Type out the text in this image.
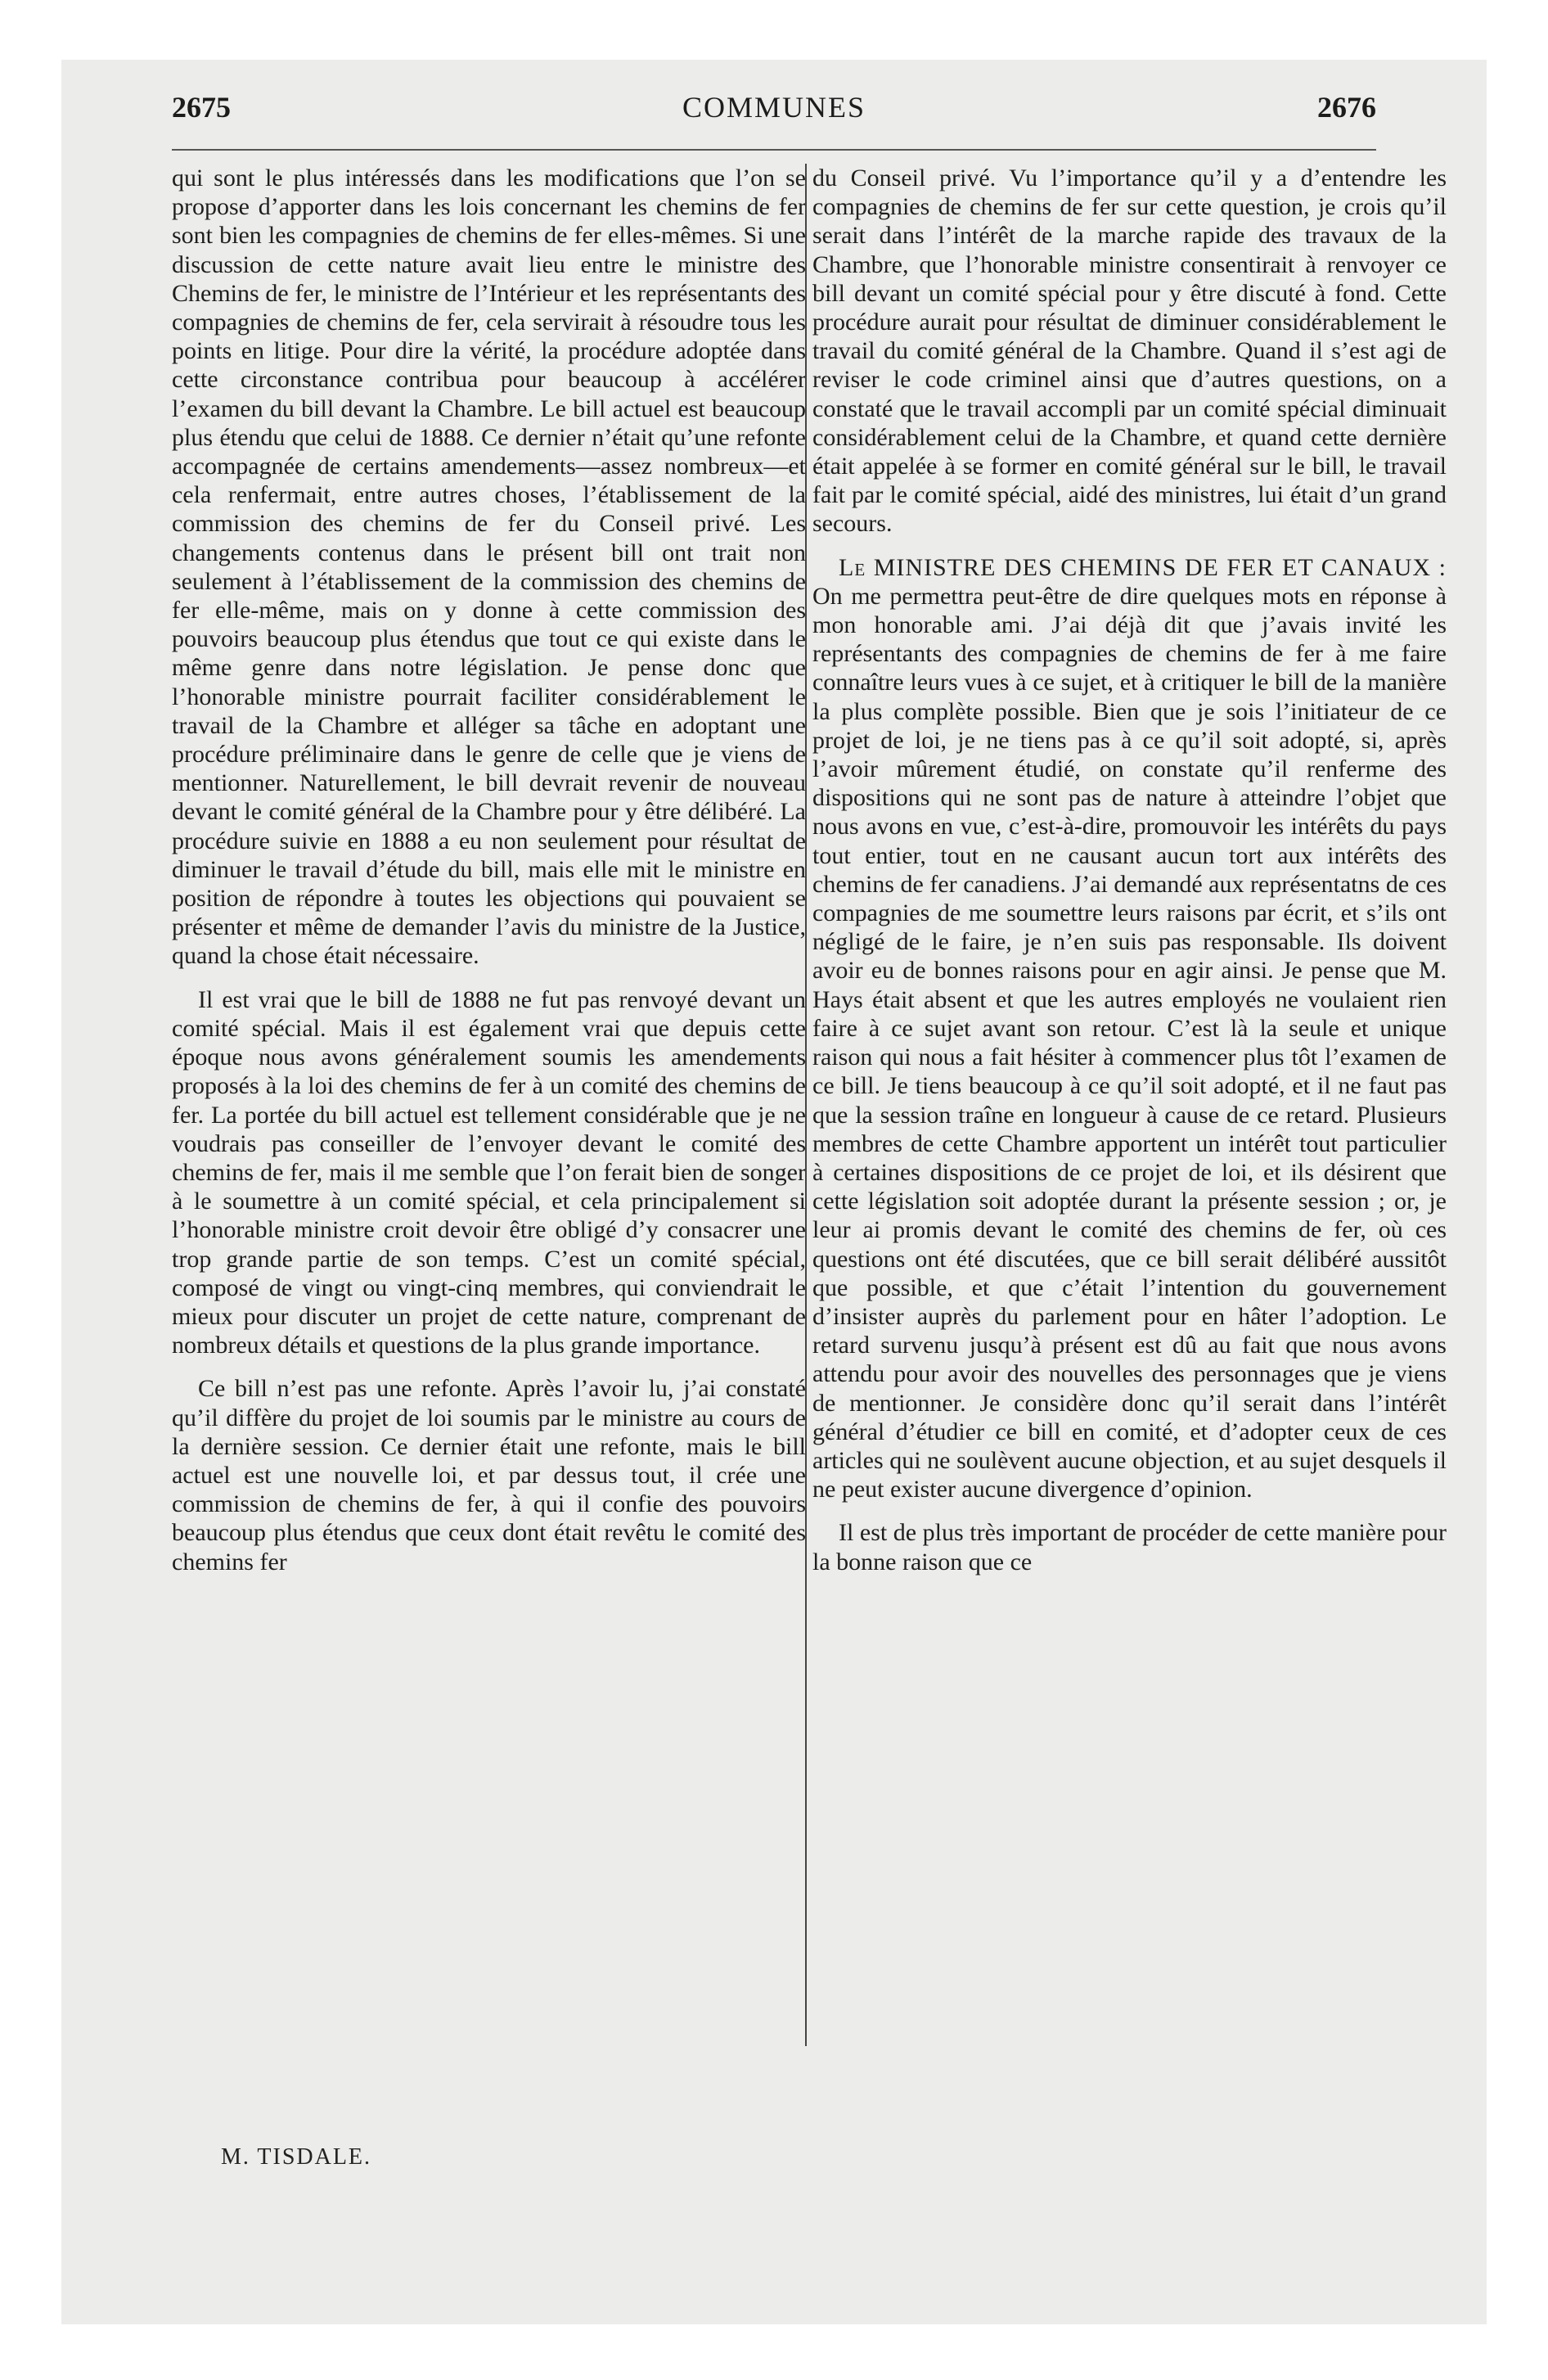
2675	COMMUNES	2676

qui sont le plus intéressés dans les modifications que l’on se propose d’apporter dans les lois concernant les chemins de fer sont bien les compagnies de chemins de fer elles-mêmes. Si une discussion de cette nature avait lieu entre le ministre des Chemins de fer, le ministre de l’Intérieur et les représentants des compagnies de chemins de fer, cela servirait à résoudre tous les points en litige. Pour dire la vérité, la procédure adoptée dans cette circonstance contribua pour beaucoup à accélérer l’examen du bill devant la Chambre. Le bill actuel est beaucoup plus étendu que celui de 1888. Ce dernier n’était qu’une refonte accompagnée de certains amendements—assez nombreux—et cela renfermait, entre autres choses, l’établissement de la commission des chemins de fer du Conseil privé. Les changements contenus dans le présent bill ont trait non seulement à l’établissement de la commission des chemins de fer elle-même, mais on y donne à cette commission des pouvoirs beaucoup plus étendus que tout ce qui existe dans le même genre dans notre législation. Je pense donc que l’honorable ministre pourrait faciliter considérablement le travail de la Chambre et alléger sa tâche en adoptant une procédure préliminaire dans le genre de celle que je viens de mentionner. Naturellement, le bill devrait revenir de nouveau devant le comité général de la Chambre pour y être délibéré. La procédure suivie en 1888 a eu non seulement pour résultat de diminuer le travail d’étude du bill, mais elle mit le ministre en position de répondre à toutes les objections qui pouvaient se présenter et même de demander l’avis du ministre de la Justice, quand la chose était nécessaire.

Il est vrai que le bill de 1888 ne fut pas renvoyé devant un comité spécial. Mais il est également vrai que depuis cette époque nous avons généralement soumis les amendements proposés à la loi des chemins de fer à un comité des chemins de fer. La portée du bill actuel est tellement considérable que je ne voudrais pas conseiller de l’envoyer devant le comité des chemins de fer, mais il me semble que l’on ferait bien de songer à le soumettre à un comité spécial, et cela principalement si l’honorable ministre croit devoir être obligé d’y consacrer une trop grande partie de son temps. C’est un comité spécial, composé de vingt ou vingt-cinq membres, qui conviendrait le mieux pour discuter un projet de cette nature, comprenant de nombreux détails et questions de la plus grande importance.

Ce bill n’est pas une refonte. Après l’avoir lu, j’ai constaté qu’il diffère du projet de loi soumis par le ministre au cours de la dernière session. Ce dernier était une refonte, mais le bill actuel est une nouvelle loi, et par dessus tout, il crée une commission de chemins de fer, à qui il confie des pouvoirs beaucoup plus étendus que ceux dont était revêtu le comité des chemins fer

du Conseil privé. Vu l’importance qu’il y a d’entendre les compagnies de chemins de fer sur cette question, je crois qu’il serait dans l’intérêt de la marche rapide des travaux de la Chambre, que l’honorable ministre consentirait à renvoyer ce bill devant un comité spécial pour y être discuté à fond. Cette procédure aurait pour résultat de diminuer considérablement le travail du comité général de la Chambre. Quand il s’est agi de reviser le code criminel ainsi que d’autres questions, on a constaté que le travail accompli par un comité spécial diminuait considérablement celui de la Chambre, et quand cette dernière était appelée à se former en comité général sur le bill, le travail fait par le comité spécial, aidé des ministres, lui était d’un grand secours.

Le MINISTRE DES CHEMINS DE FER ET CANAUX : On me permettra peut-être de dire quelques mots en réponse à mon honorable ami. J’ai déjà dit que j’avais invité les représentants des compagnies de chemins de fer à me faire connaître leurs vues à ce sujet, et à critiquer le bill de la manière la plus complète possible. Bien que je sois l’initiateur de ce projet de loi, je ne tiens pas à ce qu’il soit adopté, si, après l’avoir mûrement étudié, on constate qu’il renferme des dispositions qui ne sont pas de nature à atteindre l’objet que nous avons en vue, c’est-à-dire, promouvoir les intérêts du pays tout entier, tout en ne causant aucun tort aux intérêts des chemins de fer canadiens. J’ai demandé aux représentatns de ces compagnies de me soumettre leurs raisons par écrit, et s’ils ont négligé de le faire, je n’en suis pas responsable. Ils doivent avoir eu de bonnes raisons pour en agir ainsi. Je pense que M. Hays était absent et que les autres employés ne voulaient rien faire à ce sujet avant son retour. C’est là la seule et unique raison qui nous a fait hésiter à commencer plus tôt l’examen de ce bill. Je tiens beaucoup à ce qu’il soit adopté, et il ne faut pas que la session traîne en longueur à cause de ce retard. Plusieurs membres de cette Chambre apportent un intérêt tout particulier à certaines dispositions de ce projet de loi, et ils désirent que cette législation soit adoptée durant la présente session ; or, je leur ai promis devant le comité des chemins de fer, où ces questions ont été discutées, que ce bill serait délibéré aussitôt que possible, et que c’était l’intention du gouvernement d’insister auprès du parlement pour en hâter l’adoption. Le retard survenu jusqu’à présent est dû au fait que nous avons attendu pour avoir des nouvelles des personnages que je viens de mentionner. Je considère donc qu’il serait dans l’intérêt général d’étudier ce bill en comité, et d’adopter ceux de ces articles qui ne soulèvent aucune objection, et au sujet desquels il ne peut exister aucune divergence d’opinion.

Il est de plus très important de procéder de cette manière pour la bonne raison que ce

M. TISDALE.
